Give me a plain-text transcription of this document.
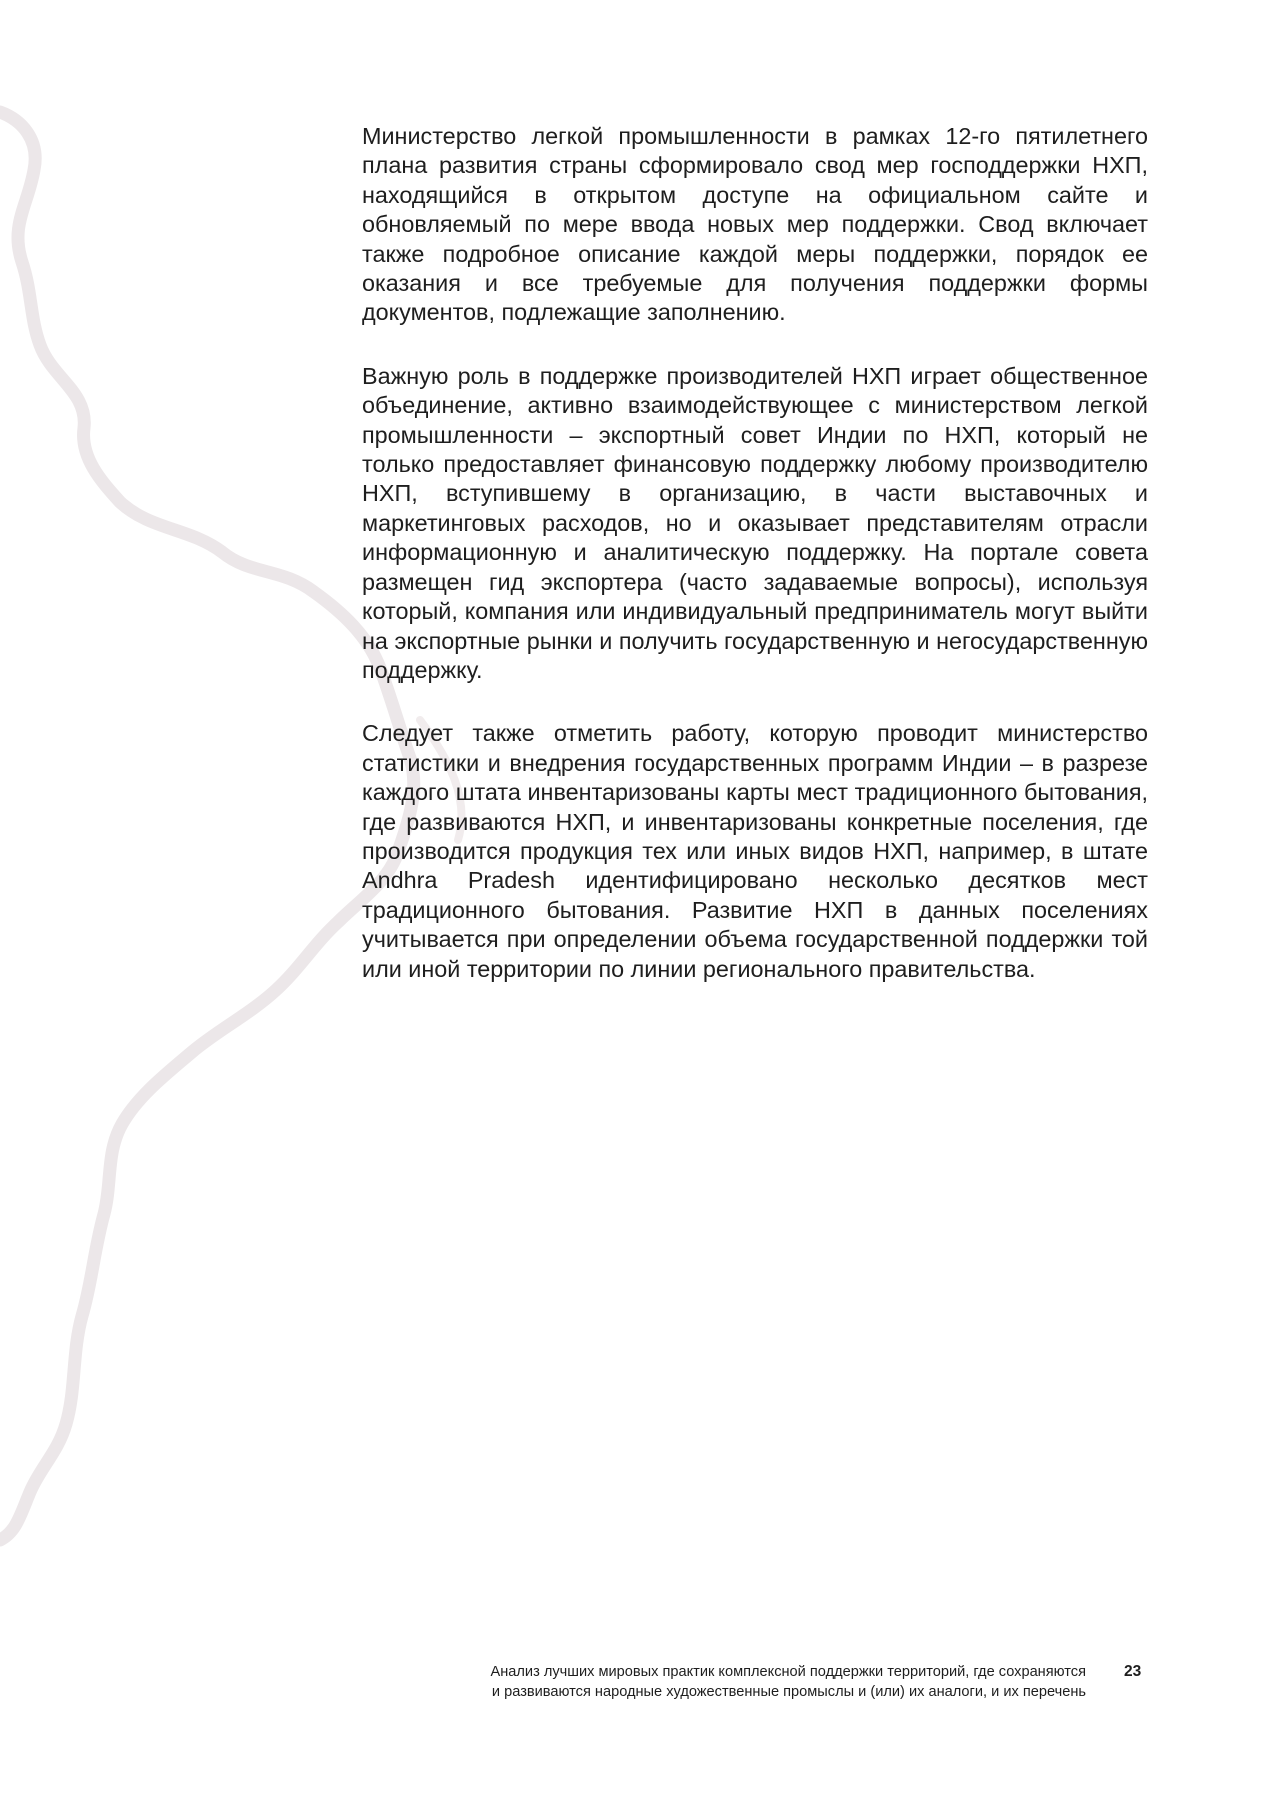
Министерство легкой промышленности в рамках 12-го пятилетнего плана развития страны сформировало свод мер господдержки НХП, находящийся в открытом доступе на официальном сайте и обновляемый по мере ввода новых мер поддержки. Свод включает также подробное описание каждой меры поддержки, порядок ее оказания и все требуемые для получения поддержки формы документов, подлежащие заполнению.

Важную роль в поддержке производителей НХП играет общественное объединение, активно взаимодействующее с министерством легкой промышленности – экспортный совет Индии по НХП, который не только предоставляет финансовую поддержку любому производителю НХП, вступившему в организацию, в части выставочных и маркетинговых расходов, но и оказывает представителям отрасли информационную и аналитическую поддержку. На портале совета размещен гид экспортера (часто задаваемые вопросы), используя который, компания или индивидуальный предприниматель могут выйти на экспортные рынки и получить государственную и негосударственную поддержку.

Следует также отметить работу, которую проводит министерство статистики и внедрения государственных программ Индии – в разрезе каждого штата инвентаризованы карты мест традиционного бытования, где развиваются НХП, и инвентаризованы конкретные поселения, где производится продукция тех или иных видов НХП, например, в штате Andhra Pradesh идентифицировано несколько десятков мест традиционного бытования. Развитие НХП в данных поселениях учитывается при определении объема государственной поддержки той или иной территории по линии регионального правительства.

Анализ лучших мировых практик комплексной поддержки территорий, где сохраняются
и развиваются народные художественные промыслы и (или) их аналоги, и их перечень
23
